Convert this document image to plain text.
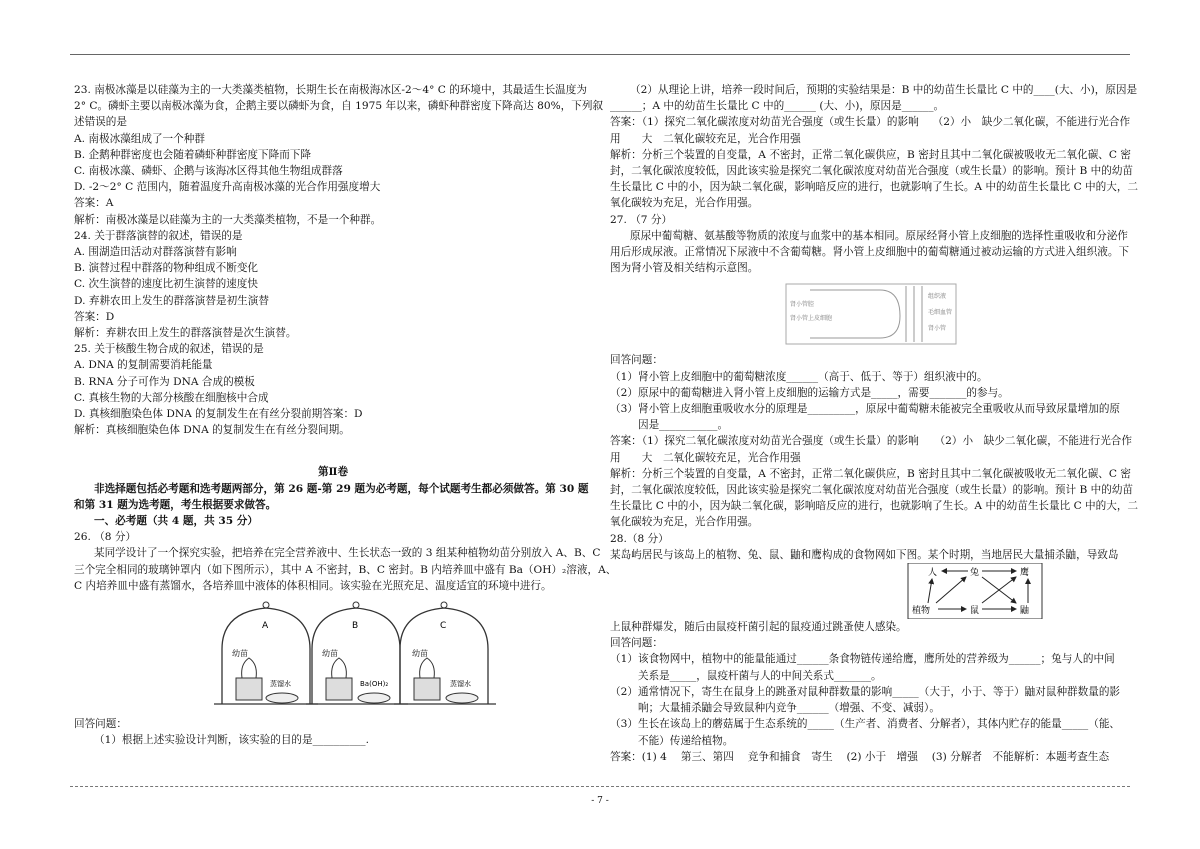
23. 南极冰藻是以硅藻为主的一大类藻类植物，长期生长在南极海冰区-2～4° C 的环境中，其最适生长温度为

2° C。磷虾主要以南极冰藻为食，企鹅主要以磷虾为食，自 1975 年以来，磷虾种群密度下降高达 80%，下列叙

述错误的是

A. 南极冰藻组成了一个种群

B. 企鹅种群密度也会随着磷虾种群密度下降而下降

C. 南极冰藻、磷虾、企鹅与该海冰区得其他生物组成群落

D. -2～2° C 范围内，随着温度升高南极冰藻的光合作用强度增大

答案：A

解析：南极冰藻是以硅藻为主的一大类藻类植物，不是一个种群。

24. 关于群落演替的叙述，错误的是

A. 围湖造田活动对群落演替有影响

B. 演替过程中群落的物种组成不断变化

C. 次生演替的速度比初生演替的速度快

D. 弃耕农田上发生的群落演替是初生演替

答案：D

解析：弃耕农田上发生的群落演替是次生演替。

25. 关于核酸生物合成的叙述，错误的是

A. DNA 的复制需要消耗能量

B. RNA 分子可作为 DNA 合成的模板

C. 真核生物的大部分核酸在细胞核中合成

D. 真核细胞染色体 DNA 的复制发生在有丝分裂前期答案：D

解析：真核细胞染色体 DNA 的复制发生在有丝分裂间期。

第Ⅱ卷

非选择题包括必考题和选考题两部分，第 26 题-第 29 题为必考题，每个试题考生都必须做答。第 30 题

和第 31 题为选考题，考生根据要求做答。

一、必考题（共 4 题，共 35 分）

26. （8 分）

某同学设计了一个探究实验，把培养在完全营养液中、生长状态一致的 3 组某种植物幼苗分别放入 A、B、C

三个完全相同的玻璃钟罩内（如下图所示），其中 A 不密封，B、C 密封。B 内培养皿中盛有 Ba（OH）₂溶液，A、

C 内培养皿中盛有蒸馏水，各培养皿中液体的体积相同。该实验在光照充足、温度适宜的环境中进行。

A
幼苗
蒸馏水
B
幼苗
Ba(OH)₂
C
幼苗
蒸馏水

回答问题：

（1）根据上述实验设计判断，该实验的目的是__________.

（2）从理论上讲，培养一段时间后，预期的实验结果是：B 中的幼苗生长量比 C 中的____(大、小)，原因是

______；A 中的幼苗生长量比 C 中的______ (大、小)，原因是______。

答案：（1）探究二氧化碳浓度对幼苗光合强度（或生长量）的影响　 （2）小　缺少二氧化碳，不能进行光合作

用　　大　二氧化碳较充足，光合作用强

解析：分析三个装置的自变量，A 不密封，正常二氧化碳供应，B 密封且其中二氧化碳被吸收无二氧化碳、C 密

封，二氧化碳浓度较低，因此该实验是探究二氧化碳浓度对幼苗光合强度（或生长量）的影响。预计 B 中的幼苗

生长量比 C 中的小，因为缺二氧化碳，影响暗反应的进行，也就影响了生长。A 中的幼苗生长量比 C 中的大，二

氧化碳较为充足，光合作用强。

27. （7 分）

原尿中葡萄糖、氨基酸等物质的浓度与血浆中的基本相同。原尿经肾小管上皮细胞的选择性重吸收和分泌作

用后形成尿液。正常情况下尿液中不含葡萄糖。肾小管上皮细胞中的葡萄糖通过被动运输的方式进入组织液。下

图为肾小管及相关结构示意图。

肾小管腔
肾小管上皮细胞
组织液
毛细血管
肾小管

回答问题：

（1） 肾小管上皮细胞中的葡萄糖浓度______（高于、低于、等于）组织液中的。

（2） 原尿中的葡萄糖进入肾小管上皮细胞的运输方式是_____，需要_______的参与。

（3） 肾小管上皮细胞重吸收水分的原理是_________，原尿中葡萄糖未能被完全重吸收从而导致尿量增加的原

因是___________。

答案：（1）探究二氧化碳浓度对幼苗光合强度（或生长量）的影响　　（2）小　缺少二氧化碳，不能进行光合作

用　　大　二氧化碳较充足，光合作用强

解析：分析三个装置的自变量，A 不密封，正常二氧化碳供应，B 密封且其中二氧化碳被吸收无二氧化碳、C 密

封，二氧化碳浓度较低，因此该实验是探究二氧化碳浓度对幼苗光合强度（或生长量）的影响。预计 B 中的幼苗

生长量比 C 中的小，因为缺二氧化碳，影响暗反应的进行，也就影响了生长。A 中的幼苗生长量比 C 中的大，二

氧化碳较为充足，光合作用强。

28.（8 分）

某岛屿居民与该岛上的植物、兔、鼠、鼬和鹰构成的食物网如下图。某个时期，当地居民大量捕杀鼬，导致岛

人	兔	鹰
植物	鼠	鼬

上鼠种群爆发，随后由鼠疫杆菌引起的鼠疫通过跳蚤使人感染。

回答问题：

（1） 该食物网中，植物中的能量能通过______条食物链传递给鹰，鹰所处的营养级为______；兔与人的中间

关系是_____，鼠疫杆菌与人的中间关系式_______。

（2） 通常情况下，寄生在鼠身上的跳蚤对鼠种群数量的影响_____（大于，小于、等于）鼬对鼠种群数量的影

响；大量捕杀鼬会导致鼠种内竞争______（增强、不变、减弱）。

（3） 生长在该岛上的蘑菇属于生态系统的_____（生产者、消费者、分解者），其体内贮存的能量_____（能、

不能）传递给植物。

答案：(1) 4　 第三、第四　 竞争和捕食　寄生　 (2) 小于　增强　 (3) 分解者　不能解析：本题考查生态

- 7 -
